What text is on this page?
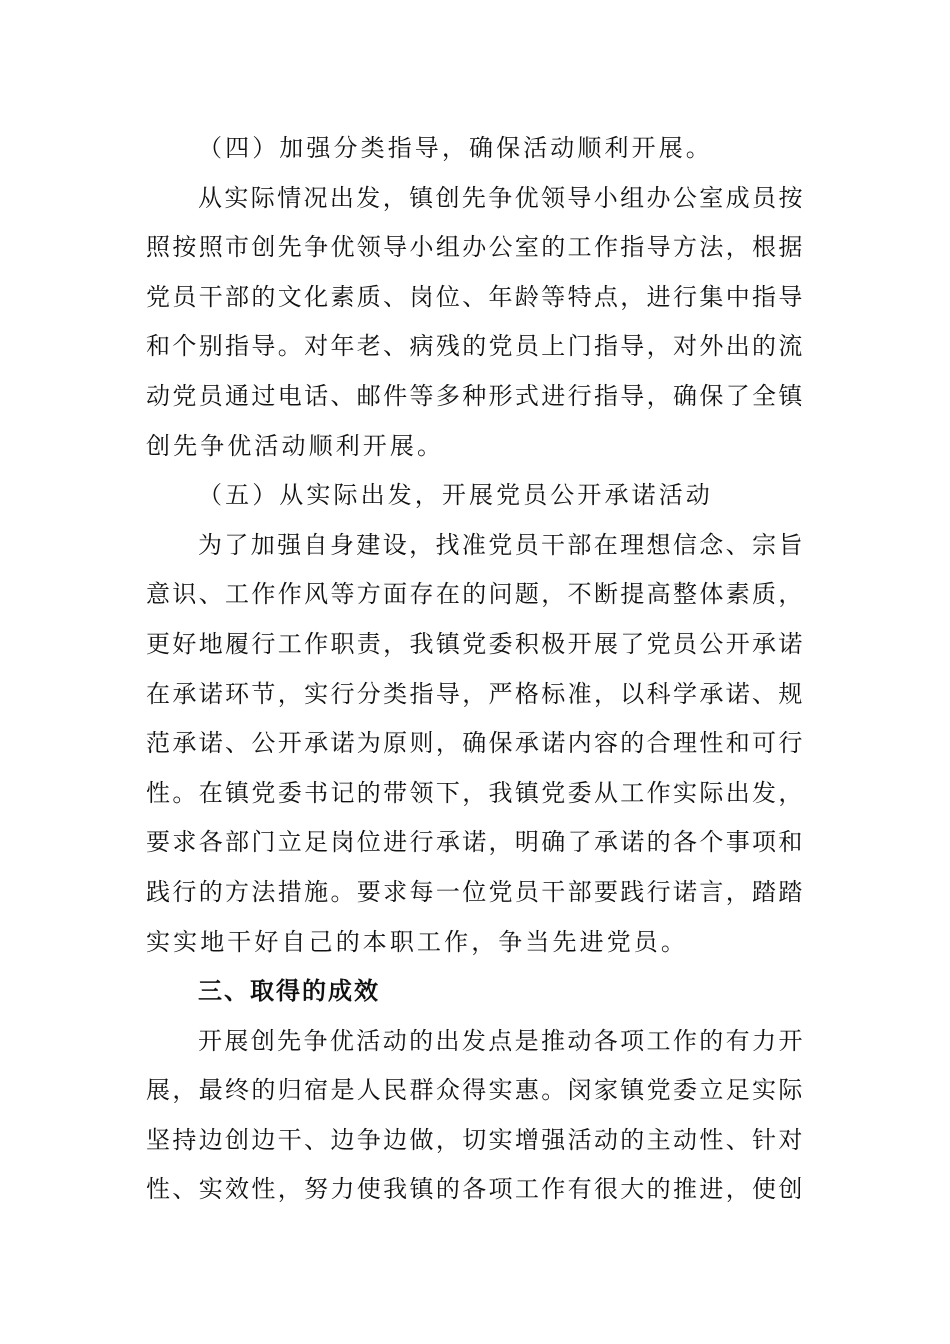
（四）加强分类指导，确保活动顺利开展。
从实际情况出发，镇创先争优领导小组办公室成员按
照按照市创先争优领导小组办公室的工作指导方法，根据
党员干部的文化素质、岗位、年龄等特点，进行集中指导
和个别指导。对年老、病残的党员上门指导，对外出的流
动党员通过电话、邮件等多种形式进行指导，确保了全镇
创先争优活动顺利开展。
（五）从实际出发，开展党员公开承诺活动
为了加强自身建设，找准党员干部在理想信念、宗旨
意识、工作作风等方面存在的问题，不断提高整体素质，
更好地履行工作职责，我镇党委积极开展了党员公开承诺
在承诺环节，实行分类指导，严格标准，以科学承诺、规
范承诺、公开承诺为原则，确保承诺内容的合理性和可行
性。在镇党委书记的带领下，我镇党委从工作实际出发，
要求各部门立足岗位进行承诺，明确了承诺的各个事项和
践行的方法措施。要求每一位党员干部要践行诺言，踏踏
实实地干好自己的本职工作，争当先进党员。
三、取得的成效
开展创先争优活动的出发点是推动各项工作的有力开
展，最终的归宿是人民群众得实惠。闵家镇党委立足实际
坚持边创边干、边争边做，切实增强活动的主动性、针对
性、实效性，努力使我镇的各项工作有很大的推进，使创
